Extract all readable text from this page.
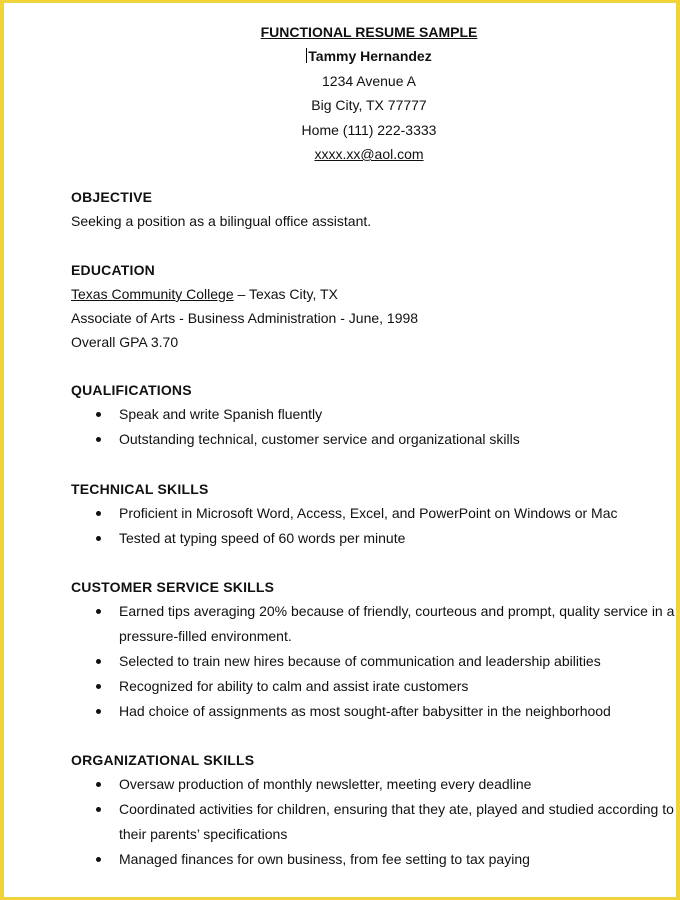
FUNCTIONAL RESUME SAMPLE
Tammy Hernandez
1234 Avenue A
Big City, TX 77777
Home (111) 222-3333
xxxx.xx@aol.com
OBJECTIVE
Seeking a position as a bilingual office assistant.
EDUCATION
Texas Community College – Texas City, TX
Associate of Arts - Business Administration - June, 1998
Overall GPA 3.70
QUALIFICATIONS
Speak and write Spanish fluently
Outstanding technical, customer service and organizational skills
TECHNICAL SKILLS
Proficient in Microsoft Word, Access, Excel, and PowerPoint on Windows or Mac
Tested at typing speed of 60 words per minute
CUSTOMER SERVICE SKILLS
Earned tips averaging 20% because of friendly, courteous and prompt, quality service in a pressure-filled environment.
Selected to train new hires because of communication and leadership abilities
Recognized for ability to calm and assist irate customers
Had choice of assignments as most sought-after babysitter in the neighborhood
ORGANIZATIONAL SKILLS
Oversaw production of monthly newsletter, meeting every deadline
Coordinated activities for children, ensuring that they ate, played and studied according to their parents’ specifications
Managed finances for own business, from fee setting to tax paying
